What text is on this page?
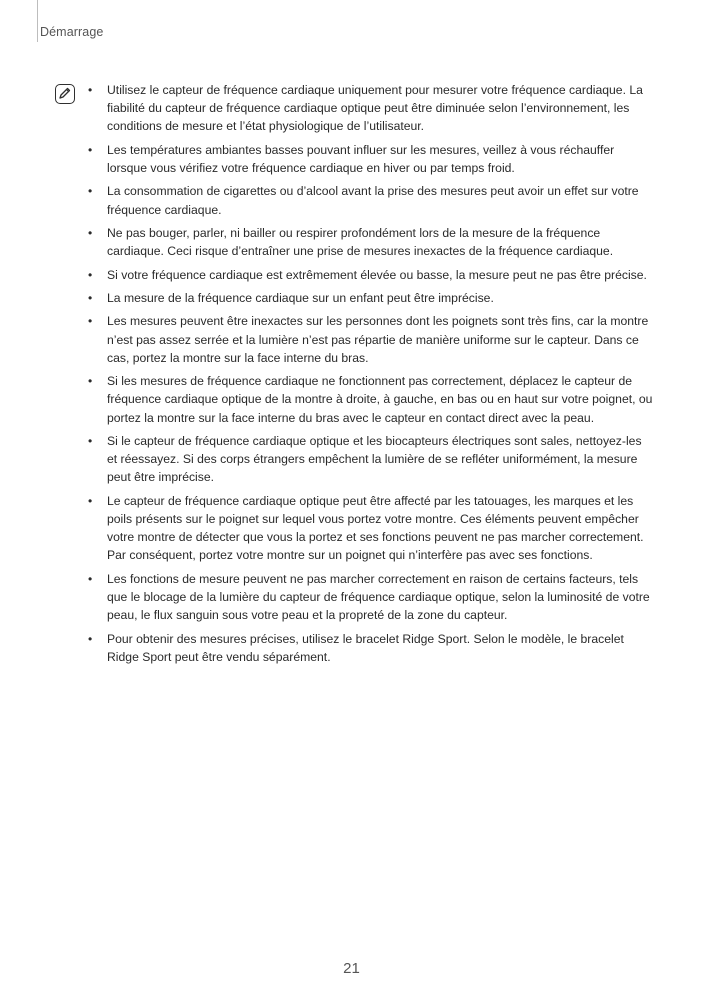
Démarrage
• Utilisez le capteur de fréquence cardiaque uniquement pour mesurer votre fréquence cardiaque. La fiabilité du capteur de fréquence cardiaque optique peut être diminuée selon l’environnement, les conditions de mesure et l’état physiologique de l’utilisateur.
• Les températures ambiantes basses pouvant influer sur les mesures, veillez à vous réchauffer lorsque vous vérifiez votre fréquence cardiaque en hiver ou par temps froid.
• La consommation de cigarettes ou d’alcool avant la prise des mesures peut avoir un effet sur votre fréquence cardiaque.
• Ne pas bouger, parler, ni bailler ou respirer profondément lors de la mesure de la fréquence cardiaque. Ceci risque d’entraîner une prise de mesures inexactes de la fréquence cardiaque.
• Si votre fréquence cardiaque est extrêmement élevée ou basse, la mesure peut ne pas être précise.
• La mesure de la fréquence cardiaque sur un enfant peut être imprécise.
• Les mesures peuvent être inexactes sur les personnes dont les poignets sont très fins, car la montre n’est pas assez serrée et la lumière n’est pas répartie de manière uniforme sur le capteur. Dans ce cas, portez la montre sur la face interne du bras.
• Si les mesures de fréquence cardiaque ne fonctionnent pas correctement, déplacez le capteur de fréquence cardiaque optique de la montre à droite, à gauche, en bas ou en haut sur votre poignet, ou portez la montre sur la face interne du bras avec le capteur en contact direct avec la peau.
• Si le capteur de fréquence cardiaque optique et les biocapteurs électriques sont sales, nettoyez-les et réessayez. Si des corps étrangers empêchent la lumière de se refléter uniformément, la mesure peut être imprécise.
• Le capteur de fréquence cardiaque optique peut être affecté par les tatouages, les marques et les poils présents sur le poignet sur lequel vous portez votre montre. Ces éléments peuvent empêcher votre montre de détecter que vous la portez et ses fonctions peuvent ne pas marcher correctement. Par conséquent, portez votre montre sur un poignet qui n’interfère pas avec ses fonctions.
• Les fonctions de mesure peuvent ne pas marcher correctement en raison de certains facteurs, tels que le blocage de la lumière du capteur de fréquence cardiaque optique, selon la luminosité de votre peau, le flux sanguin sous votre peau et la propreté de la zone du capteur.
• Pour obtenir des mesures précises, utilisez le bracelet Ridge Sport. Selon le modèle, le bracelet Ridge Sport peut être vendu séparément.
21
